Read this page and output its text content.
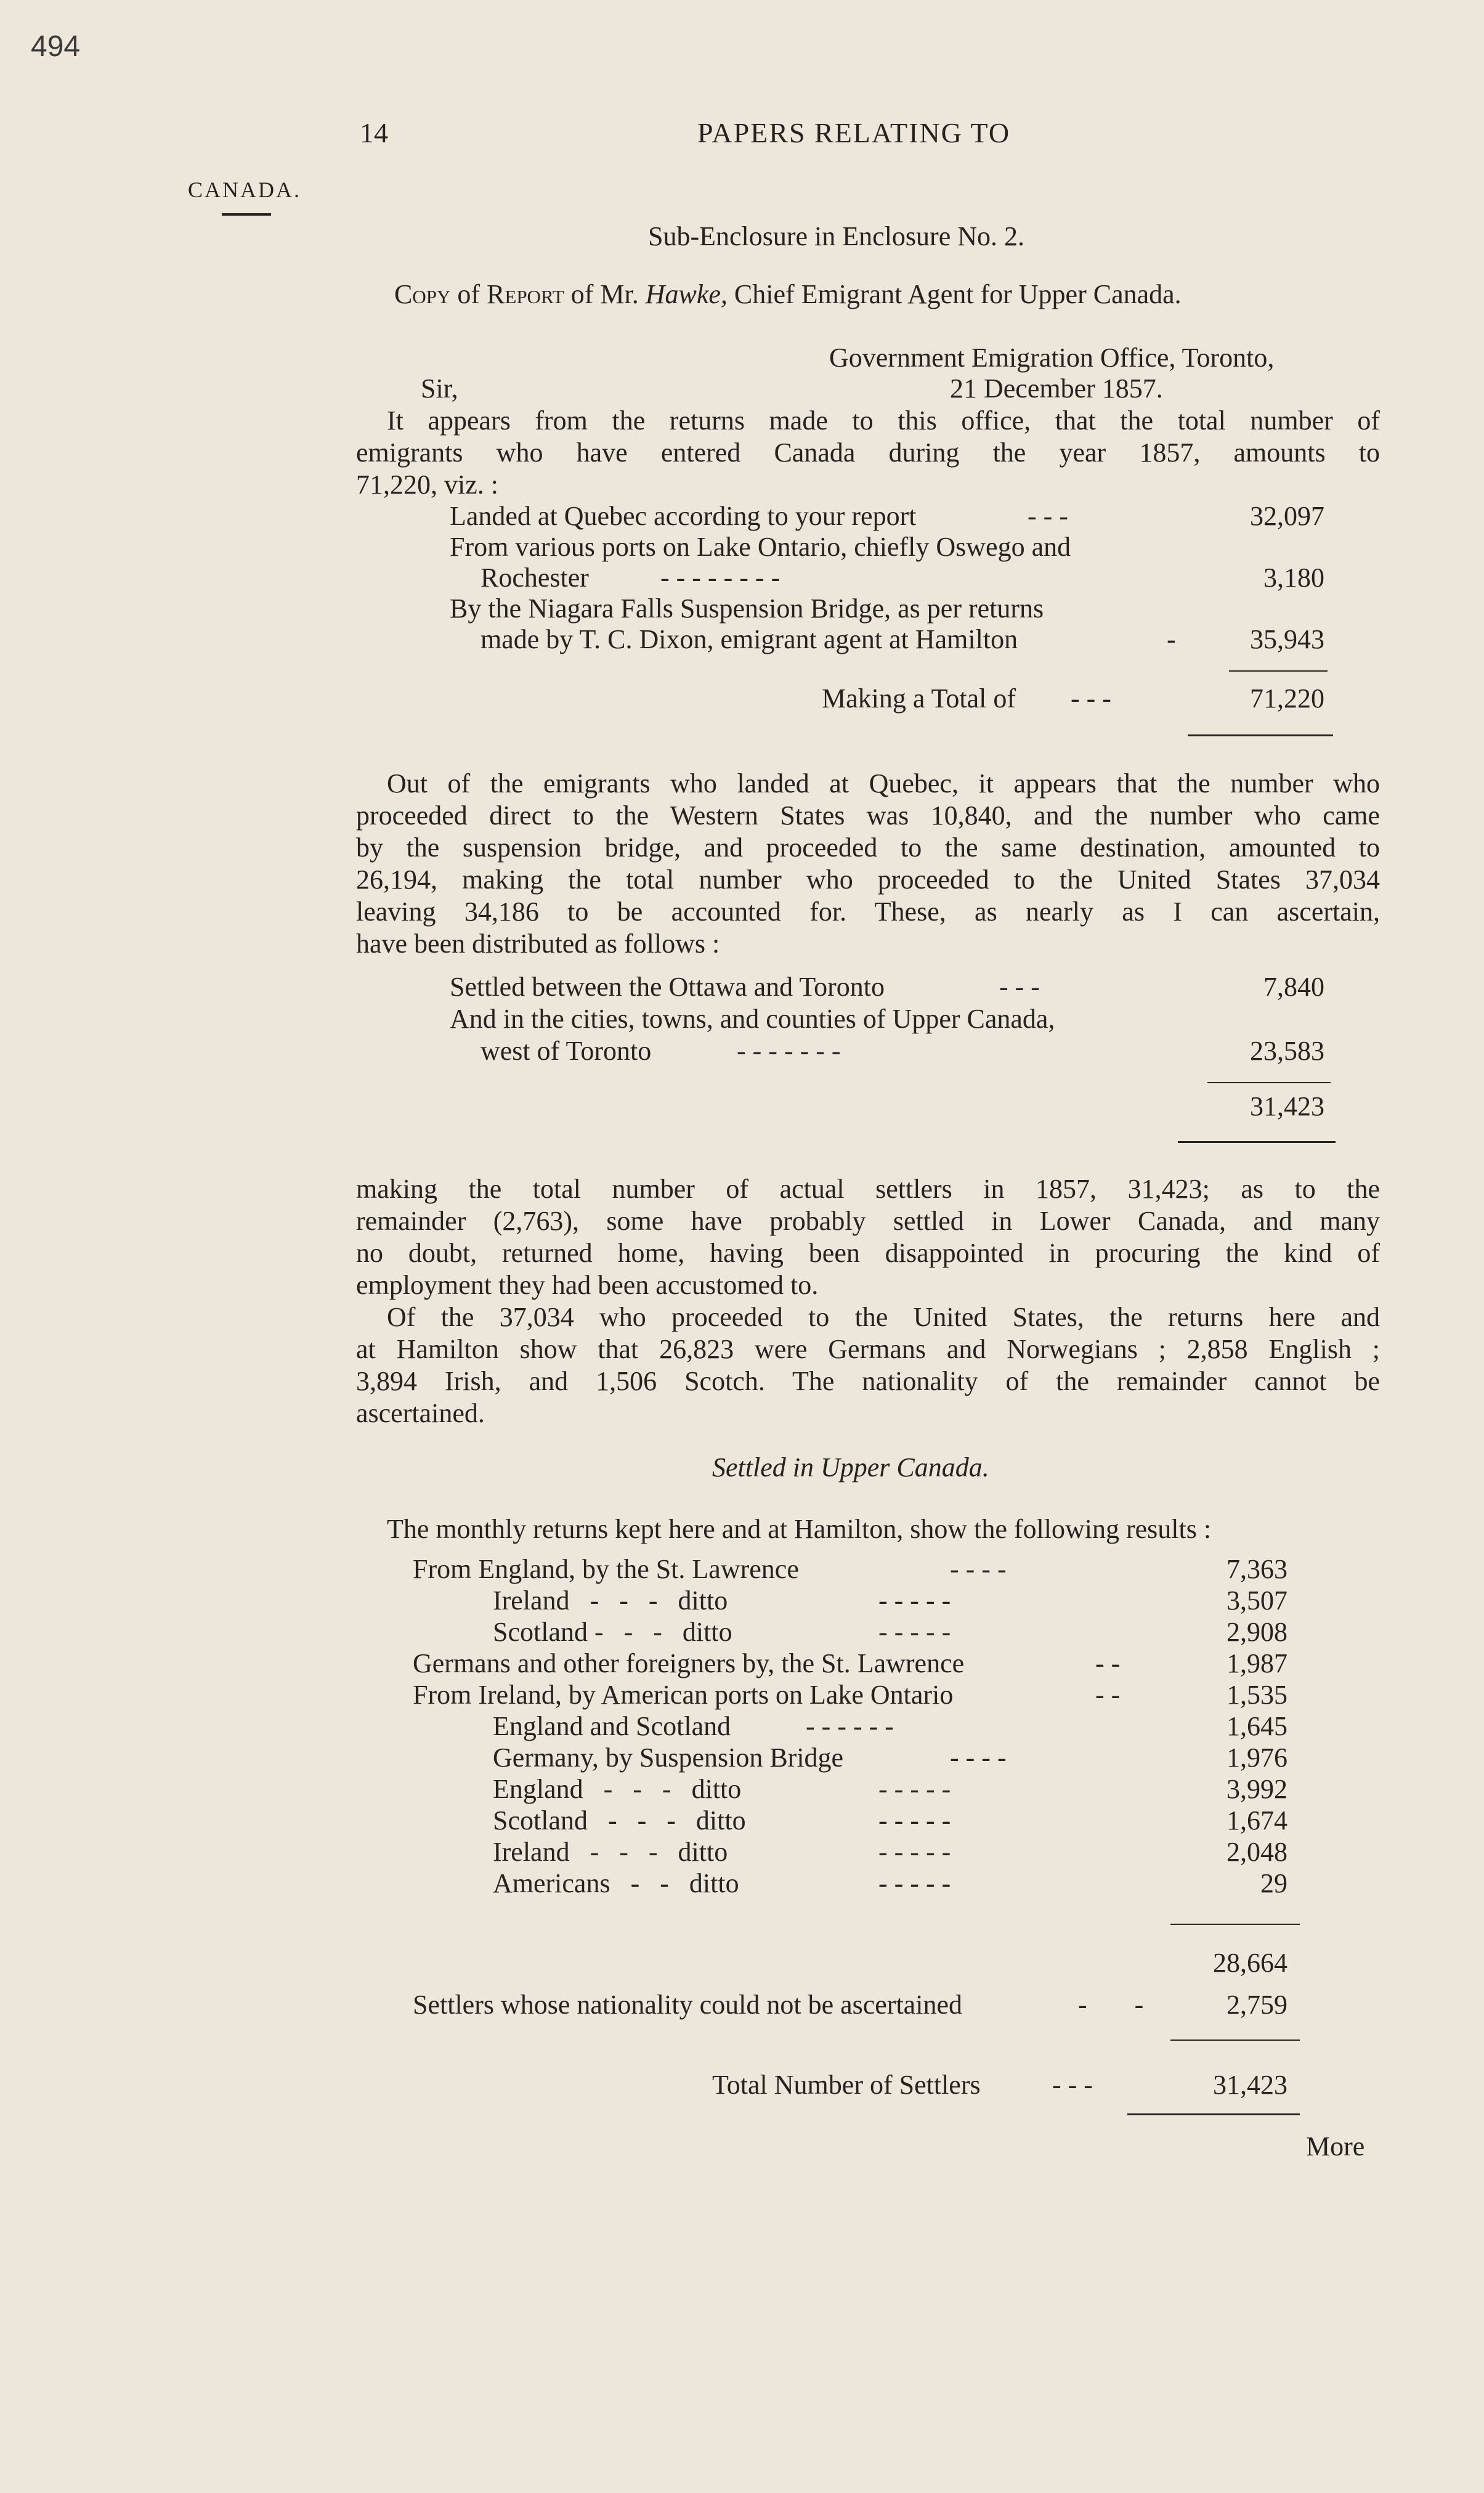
494
14	PAPERS RELATING TO
CANADA.
Sub-Enclosure in Enclosure No. 2.
Copy of Report of Mr. Hawke, Chief Emigrant Agent for Upper Canada.
Government Emigration Office, Toronto,
Sir,	21 December 1857.
It appears from the returns made to this office, that the total number of
emigrants who have entered Canada during the year 1857, amounts to
71,220, viz. :
Landed at Quebec according to your report	- - -	32,097
From various ports on Lake Ontario, chiefly Oswego and
Rochester	- - - - - - - -	3,180
By the Niagara Falls Suspension Bridge, as per returns
made by T. C. Dixon, emigrant agent at Hamilton	-	35,943
Making a Total of - - -	71,220
Out of the emigrants who landed at Quebec, it appears that the number who
proceeded direct to the Western States was 10,840, and the number who came
by the suspension bridge, and proceeded to the same destination, amounted to
26,194, making the total number who proceeded to the United States 37,034
leaving 34,186 to be accounted for. These, as nearly as I can ascertain,
have been distributed as follows :
Settled between the Ottawa and Toronto	- - -	7,840
And in the cities, towns, and counties of Upper Canada,
west of Toronto	- - - - - - -	23,583
31,423
making the total number of actual settlers in 1857, 31,423; as to the
remainder (2,763), some have probably settled in Lower Canada, and many
no doubt, returned home, having been disappointed in procuring the kind of
employment they had been accustomed to.
Of the 37,034 who proceeded to the United States, the returns here and
at Hamilton show that 26,823 were Germans and Norwegians ; 2,858 English ;
3,894 Irish, and 1,506 Scotch. The nationality of the remainder cannot be
ascertained.
Settled in Upper Canada.
The monthly returns kept here and at Hamilton, show the following results :
From England, by the St. Lawrence	- - - -	7,363
Ireland   -   -   -   ditto	- - - - -	3,507
Scotland -   -   -   ditto	- - - - -	2,908
Germans and other foreigners by, the St. Lawrence	- -	1,987
From Ireland, by American ports on Lake Ontario	- -	1,535
England and Scotland	- - - - - -	1,645
Germany, by Suspension Bridge	- - - -	1,976
England   -   -   -   ditto	- - - - -	3,992
Scotland   -   -   -   ditto	- - - - -	1,674
Ireland   -   -   -   ditto	- - - - -	2,048
Americans   -   -   ditto	- - - - -	29
28,664
Settlers whose nationality could not be ascertained	-       -	2,759
Total Number of Settlers	- - -	31,423
More
